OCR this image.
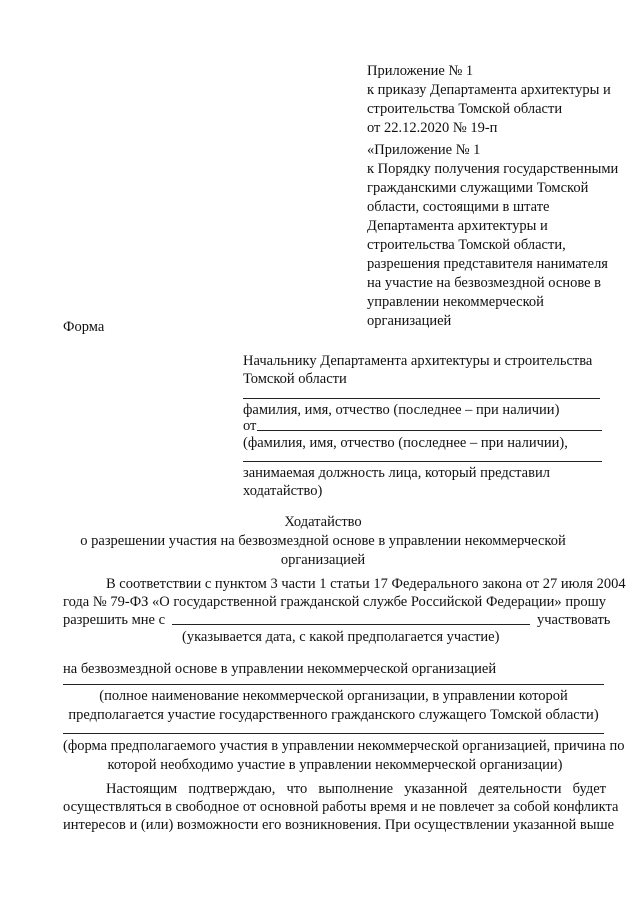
Приложение № 1
к приказу Департамента архитектуры и
строительства Томской области
от 22.12.2020 № 19-п
«Приложение № 1
к Порядку получения государственными
гражданскими служащими Томской
области, состоящими в штате
Департамента архитектуры и
строительства Томской области,
разрешения представителя нанимателя
на участие на безвозмездной основе в
управлении некоммерческой
организацией
Форма
Начальнику Департамента архитектуры и строительства
Томской области
фамилия, имя, отчество (последнее – при наличии)
от
(фамилия, имя, отчество (последнее – при наличии),
занимаемая должность лица, который представил
ходатайство)
Ходатайство
о разрешении участия на безвозмездной основе в управлении некоммерческой
организацией
В соответствии с пунктом 3 части 1 статьи 17 Федерального закона от 27 июля 2004
года № 79-ФЗ «О государственной гражданской службе Российской Федерации» прошу
разрешить мне с	участвовать
(указывается дата, с какой предполагается участие)
на безвозмездной основе в управлении некоммерческой организацией
(полное наименование некоммерческой организации, в управлении которой
предполагается участие государственного гражданского служащего Томской области)
(форма предполагаемого участия в управлении некоммерческой организацией, причина по
которой необходимо участие в управлении некоммерческой организации)
Настоящим подтверждаю, что выполнение указанной деятельности будет
осуществляться в свободное от основной работы время и не повлечет за собой конфликта
интересов и (или) возможности его возникновения. При осуществлении указанной выше
